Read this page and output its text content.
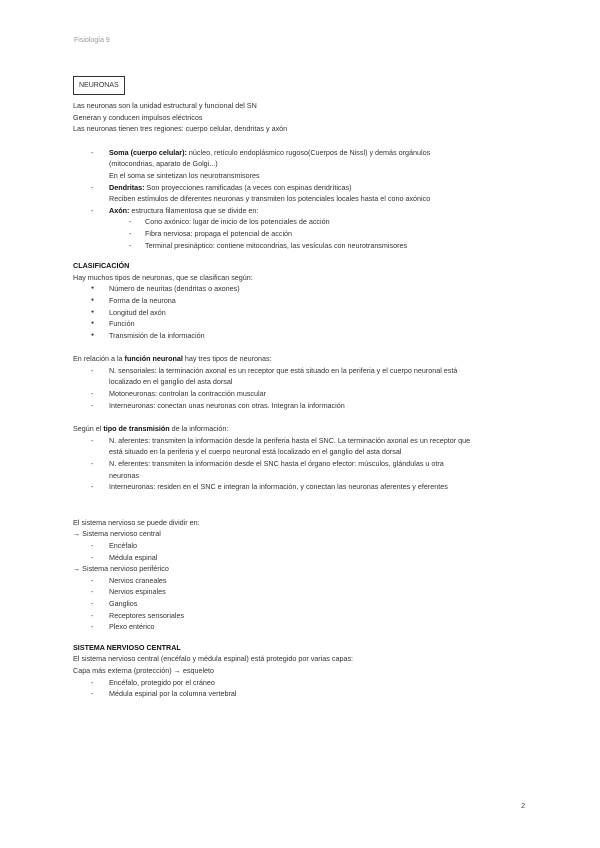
Fisiología 9
NEURONAS
Las neuronas son la unidad estructural y funcional del SN
Generan y conducen impulsos eléctricos
Las neuronas tienen tres regiones: cuerpo celular, dendritas y axón
- Soma (cuerpo celular): núcleo, retículo endoplásmico rugoso(Cuerpos de Nissl) y demás orgánulos
(mitocondrias, aparato de Golgi...)
En el soma se sintetizan los neurotransmisores
- Dendritas: Son proyecciones ramificadas (a veces con espinas dendríticas)
Reciben estímulos de diferentes neuronas y transmiten los potenciales locales hasta el cono axónico
- Axón: estructura filamentosa que se divide en:
- Cono axónico: lugar de inicio de los potenciales de acción
- Fibra nerviosa: propaga el potencial de acción
- Terminal presináptico: contiene mitocondrias, las vesículas con neurotransmisores
CLASIFICACIÓN
Hay muchos tipos de neuronas, que se clasifican según:
● Número de neuritas (dendritas o axones)
● Forma de la neurona
● Longitud del axón
● Función
● Transmisión de la información
En relación a la función neuronal hay tres tipos de neuronas:
- N. sensoriales: la terminación axonal es un receptor que está situado en la periferia y el cuerpo neuronal está
localizado en el ganglio del asta dorsal
- Motoneuronas: controlan la contracción muscular
- Interneuronas: conectan unas neuronas con otras. Integran la información
Según el tipo de transmisión de la información:
- N. aferentes: transmiten la información desde la periferia hasta el SNC. La terminación axonal es un receptor que
está situado en la periferia y el cuerpo neuronal está localizado en el ganglio del asta dorsal
- N. eferentes: transmiten la información desde el SNC hasta el órgano efector: músculos, glándulas u otra
neuronas
- Interneuronas: residen en el SNC e integran la información, y conectan las neuronas aferentes y eferentes
El sistema nervioso se puede dividir en:
→ Sistema nervioso central
- Encéfalo
- Médula espinal
→ Sistema nervioso periférico
- Nervios craneales
- Nervios espinales
- Ganglios
- Receptores sensoriales
- Plexo entérico
SISTEMA NERVIOSO CENTRAL
El sistema nervioso central (encéfalo y médula espinal) está protegido por varias capas:
Capa más externa (protección) → esqueleto
- Encéfalo, protegido por el cráneo
- Médula espinal por la columna vertebral
2
